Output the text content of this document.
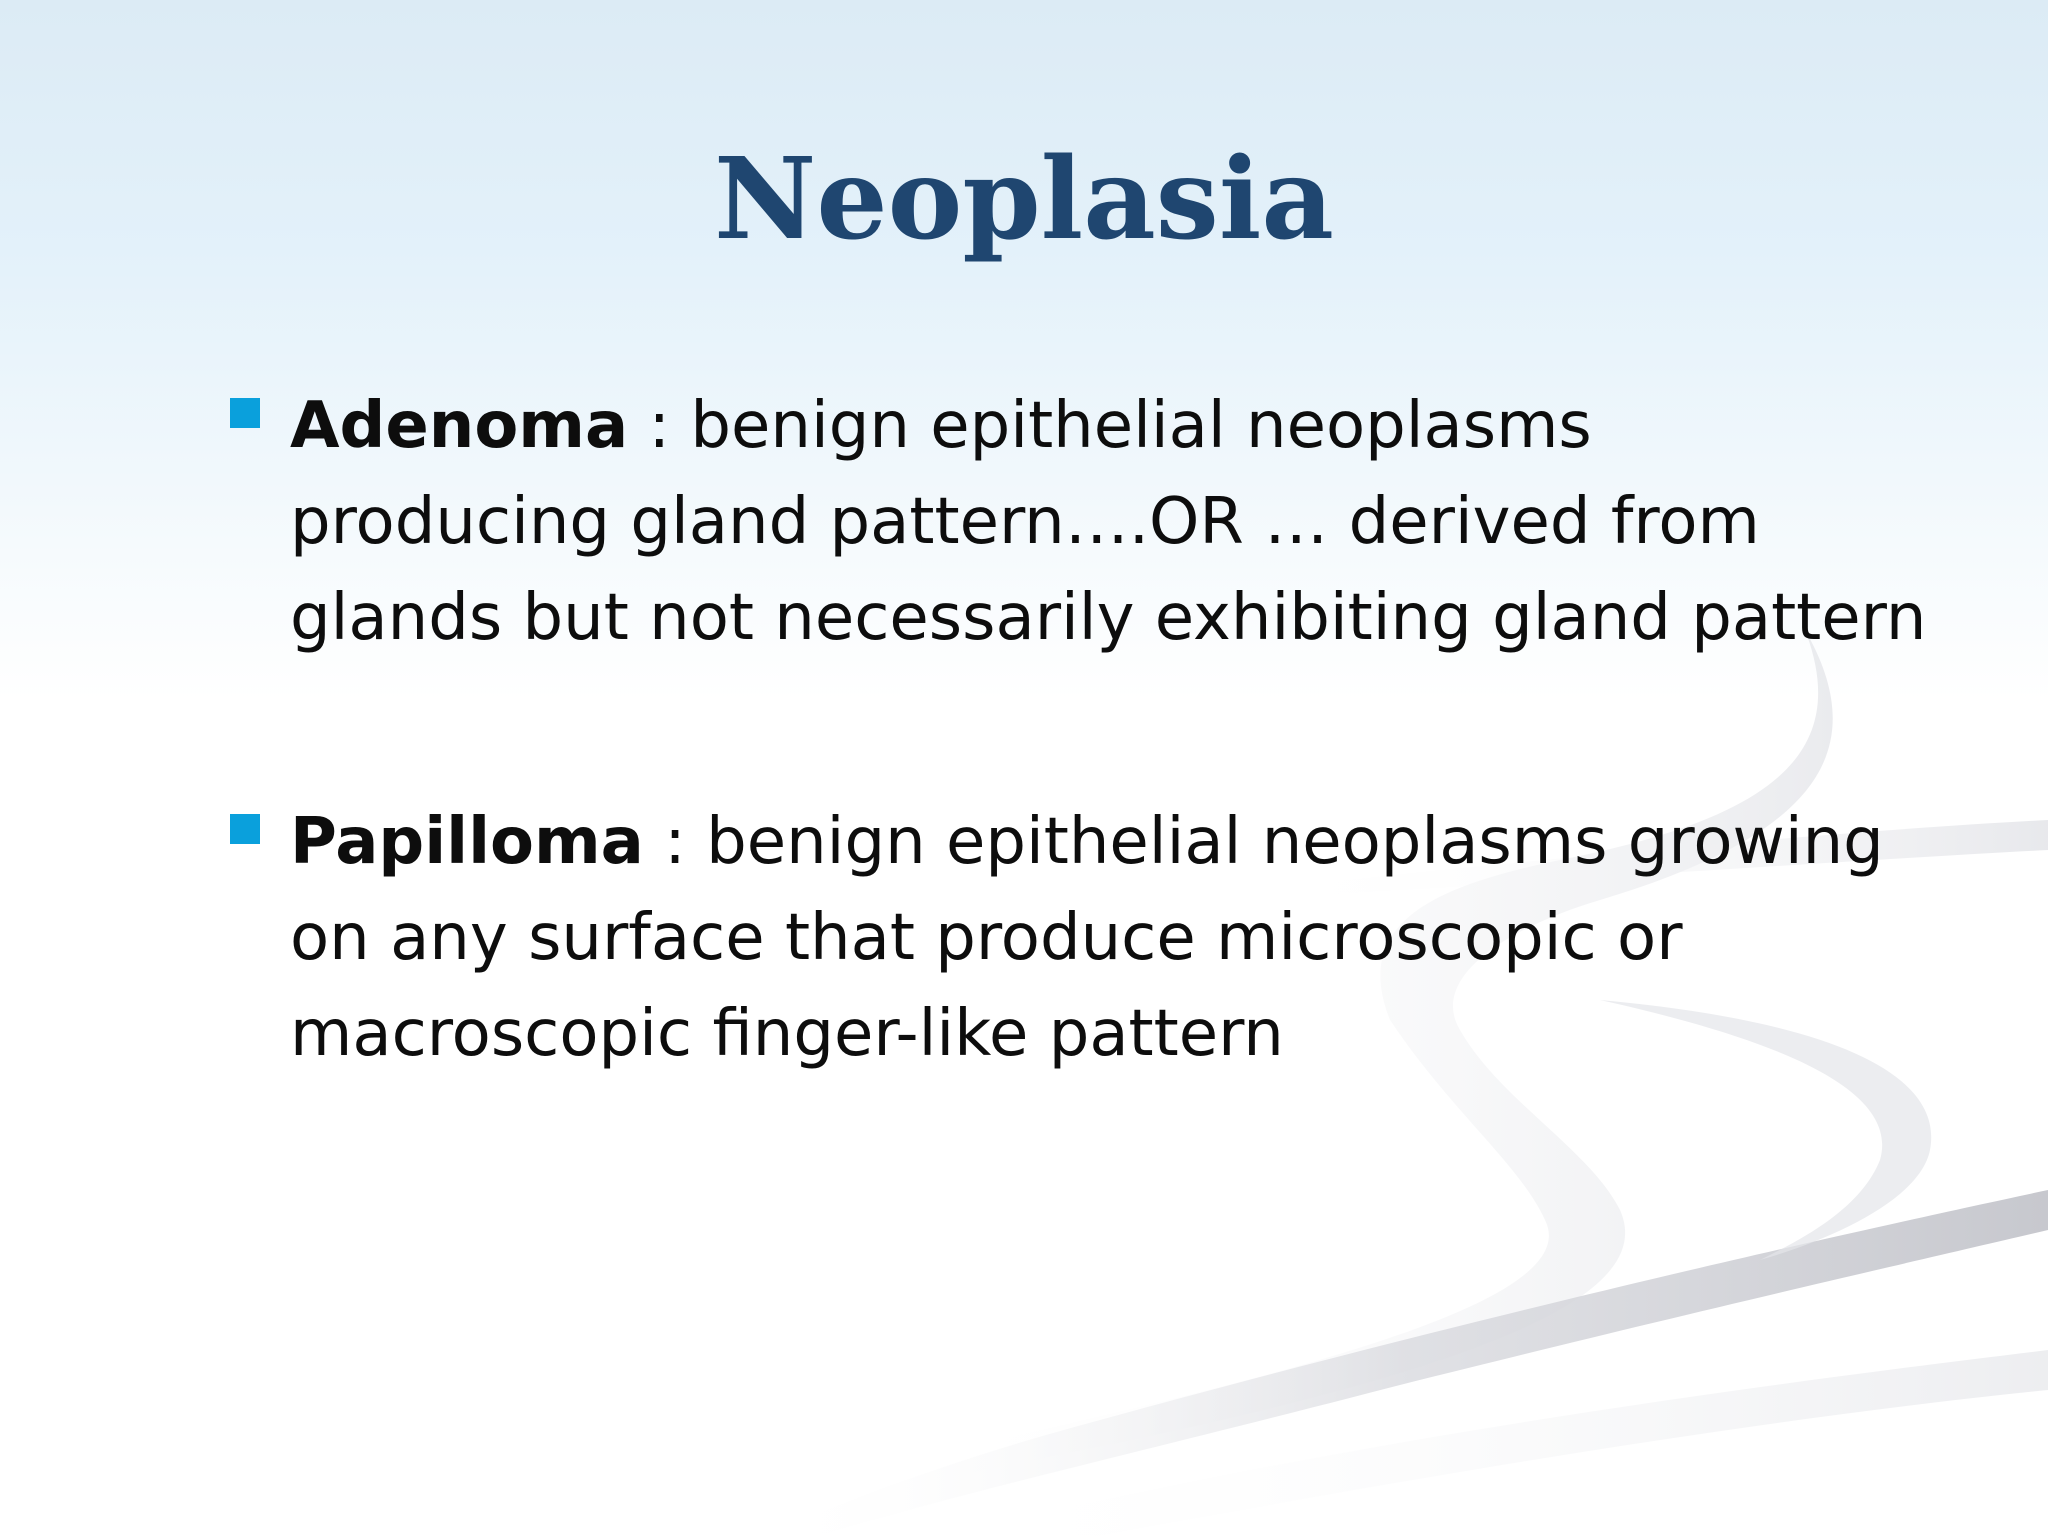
Neoplasia
Adenoma : benign epithelial neoplasms producing gland pattern….OR … derived from glands but not necessarily exhibiting gland pattern
Papilloma : benign epithelial neoplasms growing on any surface that produce microscopic or macroscopic finger-like pattern
